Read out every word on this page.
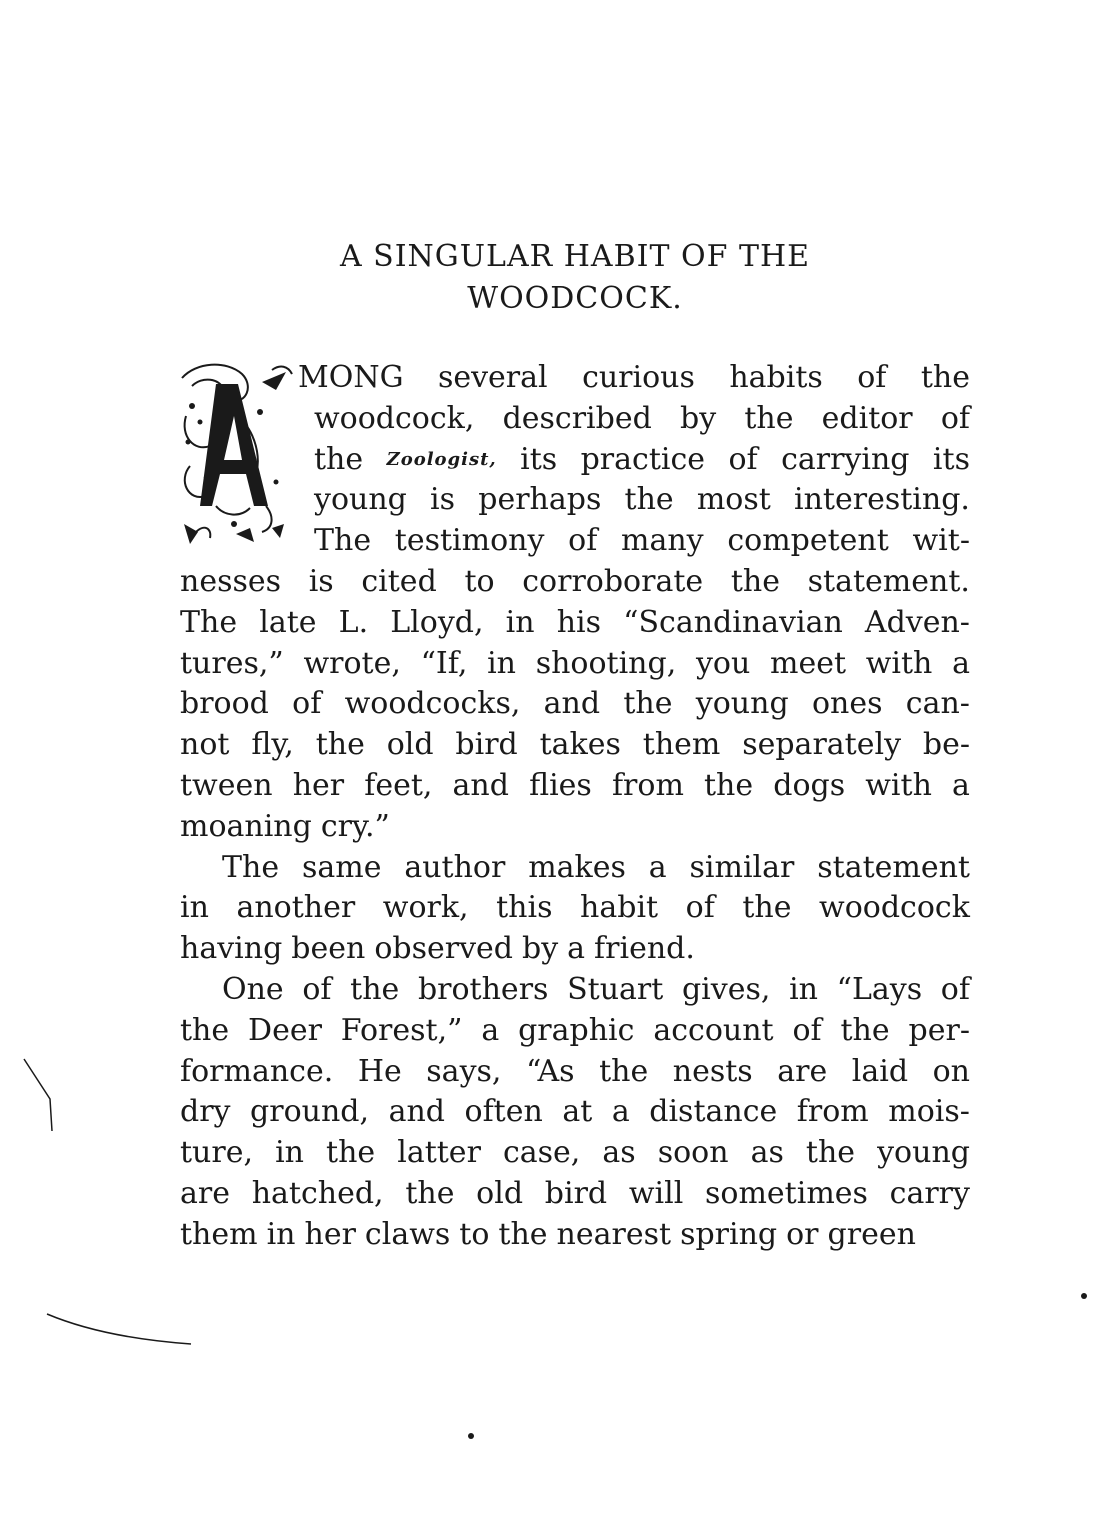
A SINGULAR HABIT OF THE
WOODCOCK.
MONG several curious habits of the
woodcock, described by the editor of
the Zoologist, its practice of carrying its
young is perhaps the most interesting.
The testimony of many competent wit-
nesses is cited to corroborate the statement.
The late L. Lloyd, in his “Scandinavian Adven-
tures,” wrote, “If, in shooting, you meet with a
brood of woodcocks, and the young ones can-
not fly, the old bird takes them separately be-
tween her feet, and flies from the dogs with a
moaning cry.”
The same author makes a similar statement
in another work, this habit of the woodcock
having been observed by a friend.
One of the brothers Stuart gives, in “Lays of
the Deer Forest,” a graphic account of the per-
formance. He says, “As the nests are laid on
dry ground, and often at a distance from mois-
ture, in the latter case, as soon as the young
are hatched, the old bird will sometimes carry
them in her claws to the nearest spring or green
